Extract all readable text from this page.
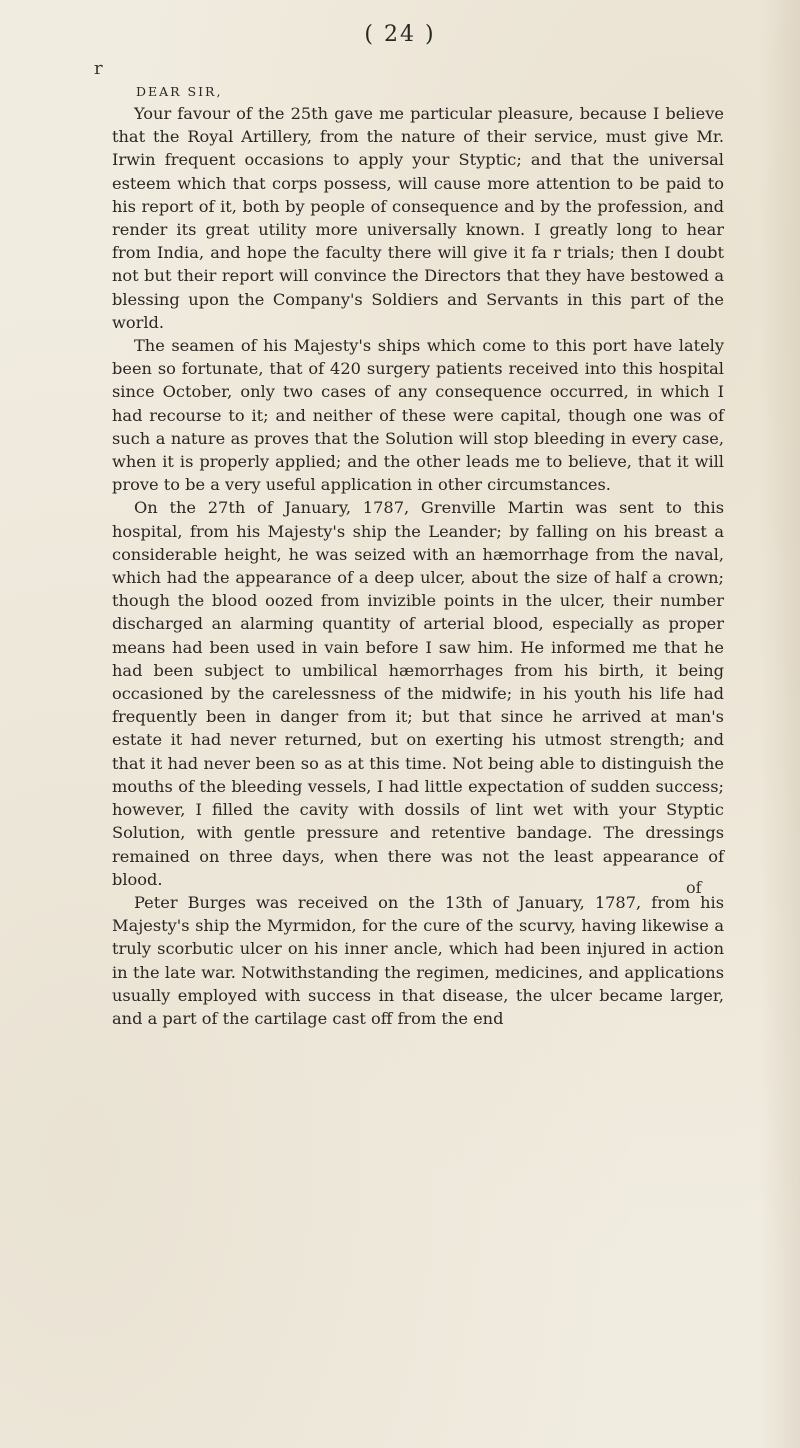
( 24 )
r

DEAR SIR,

Your favour of the 25th gave me particular pleasure, because I believe that the Royal Artillery, from the nature of their service, must give Mr. Irwin frequent occasions to apply your Styptic; and that the universal esteem which that corps possess, will cause more attention to be paid to his report of it, both by people of consequence and by the profession, and render its great utility more universally known. I greatly long to hear from India, and hope the faculty there will give it fa r trials; then I doubt not but their report will convince the Directors that they have bestowed a blessing upon the Company's Soldiers and Servants in this part of the world.

The seamen of his Majesty's ships which come to this port have lately been so fortunate, that of 420 surgery patients received into this hospital since October, only two cases of any consequence occurred, in which I had recourse to it; and neither of these were capital, though one was of such a nature as proves that the Solution will stop bleeding in every case, when it is properly applied; and the other leads me to believe, that it will prove to be a very useful application in other circumstances.

On the 27th of January, 1787, Grenville Martin was sent to this hospital, from his Majesty's ship the Leander; by falling on his breast a considerable height, he was seized with an hæmorrhage from the naval, which had the appearance of a deep ulcer, about the size of half a crown; though the blood oozed from invizible points in the ulcer, their number discharged an alarming quantity of arterial blood, especially as proper means had been used in vain before I saw him. He informed me that he had been subject to umbilical hæmorrhages from his birth, it being occasioned by the carelessness of the midwife; in his youth his life had frequently been in danger from it; but that since he arrived at man's estate it had never returned, but on exerting his utmost strength; and that it had never been so as at this time. Not being able to distinguish the mouths of the bleeding vessels, I had little expectation of sudden success; however, I filled the cavity with dossils of lint wet with your Styptic Solution, with gentle pressure and retentive bandage. The dressings remained on three days, when there was not the least appearance of blood.

Peter Burges was received on the 13th of January, 1787, from his Majesty's ship the Myrmidon, for the cure of the scurvy, having likewise a truly scorbutic ulcer on his inner ancle, which had been injured in action in the late war. Notwithstanding the regimen, medicines, and applications usually employed with success in that disease, the ulcer became larger, and a part of the cartilage cast off from the end

of
